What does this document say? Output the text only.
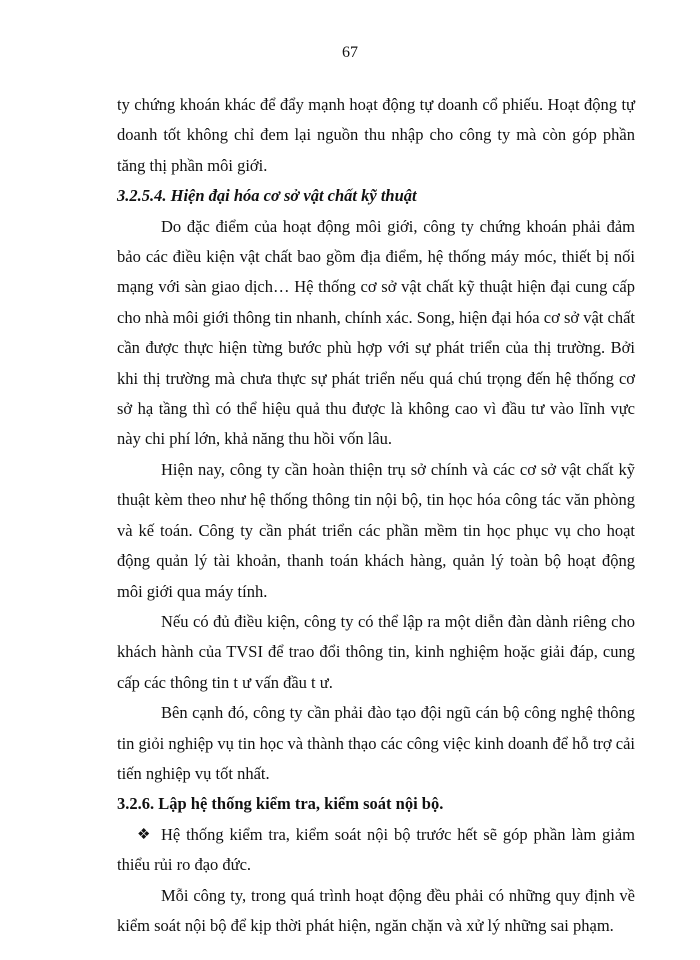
67

ty chứng khoán khác để đẩy mạnh hoạt động tự doanh cổ phiếu. Hoạt động tự doanh tốt không chỉ đem lại nguồn thu nhập cho công ty mà còn góp phần tăng thị phần môi giới.

3.2.5.4. Hiện đại hóa cơ sở vật chất kỹ thuật

Do đặc điểm của hoạt động môi giới, công ty chứng khoán phải đảm bảo các điều kiện vật chất bao gồm địa điểm, hệ thống máy móc, thiết bị nối mạng với sàn giao dịch… Hệ thống cơ sở vật chất kỹ thuật hiện đại cung cấp cho nhà môi giới thông tin nhanh, chính xác. Song, hiện đại hóa cơ sở vật chất cần được thực hiện từng bước phù hợp với sự phát triển của thị trường. Bởi khi thị trường mà chưa thực sự phát triển nếu quá chú trọng đến hệ thống cơ sở hạ tầng thì có thể hiệu quả thu được là không cao vì đầu tư vào lĩnh vực này chi phí lớn, khả năng thu hồi vốn lâu.

Hiện nay, công ty cần hoàn thiện trụ sở chính và các cơ sở vật chất kỹ thuật kèm theo như hệ thống thông tin nội bộ, tin học hóa công tác văn phòng và kế toán. Công ty cần phát triển các phần mềm tin học phục vụ cho hoạt động quản lý tài khoản, thanh toán khách hàng, quản lý toàn bộ hoạt động môi giới qua máy tính.

Nếu có đủ điều kiện, công ty có thể lập ra một diễn đàn dành riêng cho khách hành của TVSI để trao đổi thông tin, kinh nghiệm hoặc giải đáp, cung cấp các thông tin t ư vấn đầu t ư.

Bên cạnh đó, công ty cần phải đào tạo đội ngũ cán bộ công nghệ thông tin giỏi nghiệp vụ tin học và thành thạo các công việc kinh doanh để hỗ trợ cải tiến nghiệp vụ tốt nhất.

3.2.6. Lập hệ thống kiểm tra, kiểm soát nội bộ.

❖ Hệ thống kiểm tra, kiểm soát nội bộ trước hết sẽ góp phần làm giảm thiểu rủi ro đạo đức.

Mỗi công ty, trong quá trình hoạt động đều phải có những quy định về kiểm soát nội bộ để kịp thời phát hiện, ngăn chặn và xử lý những sai phạm.
